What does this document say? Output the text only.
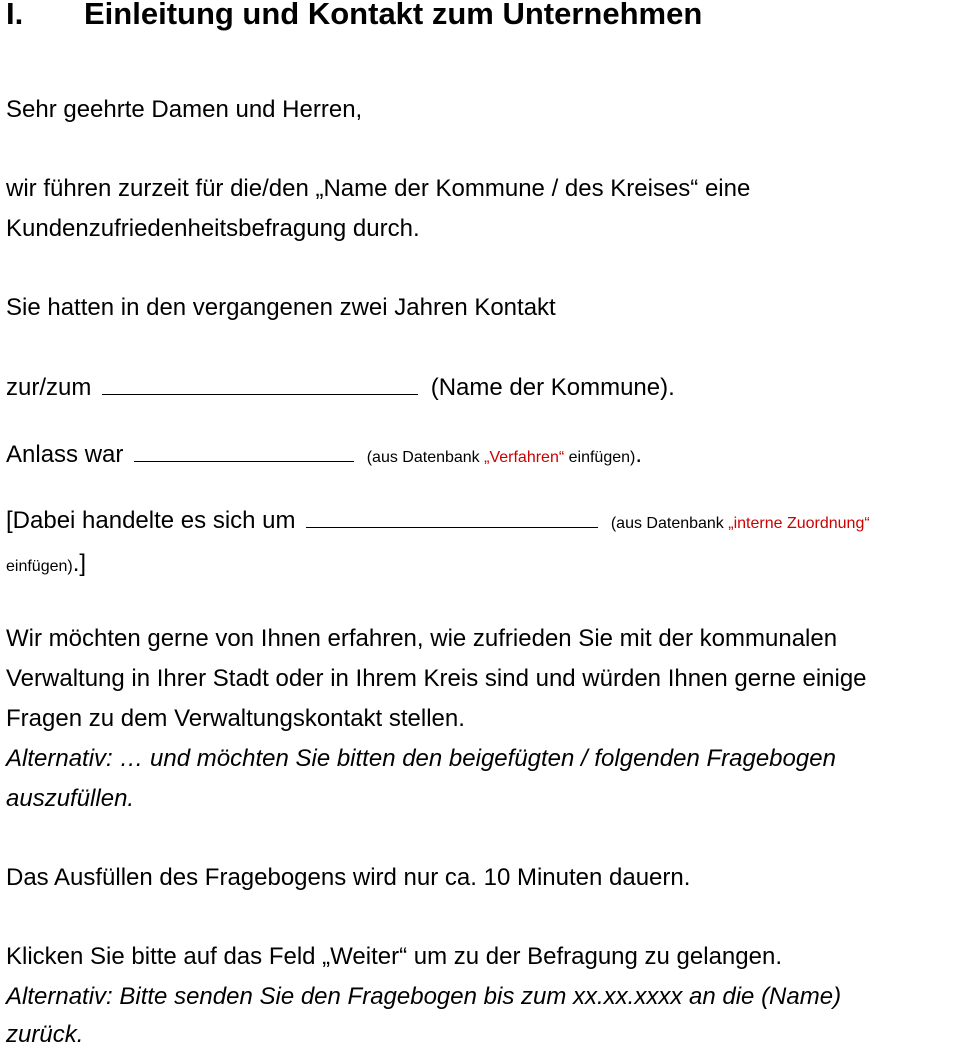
I. Einleitung und Kontakt zum Unternehmen
Sehr geehrte Damen und Herren,
wir führen zurzeit für die/den „Name der Kommune / des Kreises“ eine
Kundenzufriedenheitsbefragung durch.
Sie hatten in den vergangenen zwei Jahren Kontakt
zur/zum	(Name der Kommune).
Anlass war	(aus Datenbank „Verfahren“ einfügen).
[Dabei handelte es sich um	(aus Datenbank „interne Zuordnung“
einfügen).]
Wir möchten gerne von Ihnen erfahren, wie zufrieden Sie mit der kommunalen
Verwaltung in Ihrer Stadt oder in Ihrem Kreis sind und würden Ihnen gerne einige
Fragen zu dem Verwaltungskontakt stellen.
Alternativ: … und möchten Sie bitten den beigefügten / folgenden Fragebogen
auszufüllen.
Das Ausfüllen des Fragebogens wird nur ca. 10 Minuten dauern.
Klicken Sie bitte auf das Feld „Weiter“ um zu der Befragung zu gelangen.
Alternativ: Bitte senden Sie den Fragebogen bis zum xx.xx.xxxx an die (Name)
zurück.
